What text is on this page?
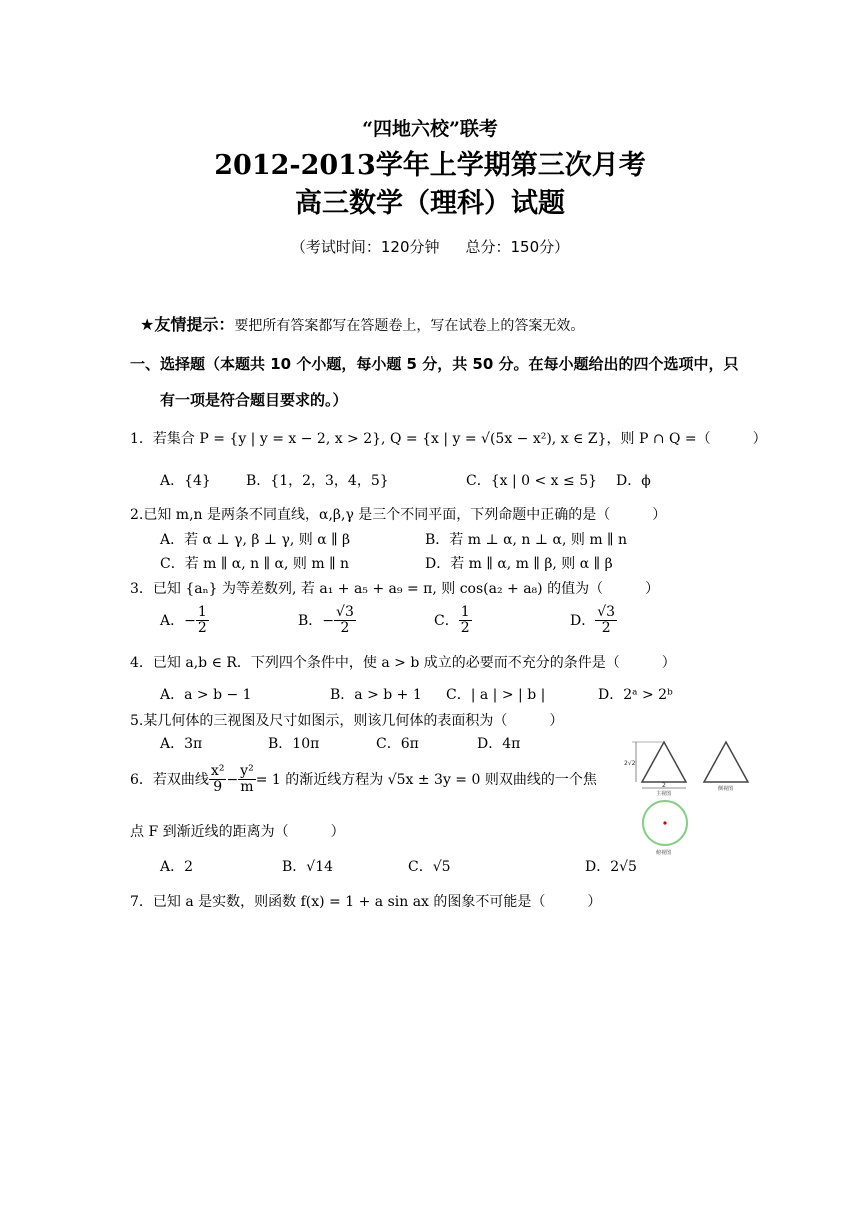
“四地六校”联考
2012-2013学年上学期第三次月考
高三数学（理科）试题
（考试时间：120分钟 总分：150分）
★友情提示：要把所有答案都写在答题卷上，写在试卷上的答案无效。
一、选择题（本题共 10 个小题，每小题 5 分，共 50 分。在每小题给出的四个选项中，只
有一项是符合题目要求的。）
1．若集合 P = {y | y = x − 2, x > 2}, Q = {x | y = √(5x − x²), x ∈ Z}，则 P ∩ Q =（　　　）
A．{4}	B．{1，2，3，4，5}	C．{x | 0 < x ≤ 5} D．ϕ
2.已知 m,n 是两条不同直线，α,β,γ 是三个不同平面，下列命题中正确的是（　　　）
A．若 α ⊥ γ, β ⊥ γ, 则 α ∥ β	B．若 m ⊥ α, n ⊥ α, 则 m ∥ n
C．若 m ∥ α, n ∥ α, 则 m ∥ n	D．若 m ∥ α, m ∥ β, 则 α ∥ β
3．已知 {aₙ} 为等差数列, 若 a₁ + a₅ + a₉ = π, 则 cos(a₂ + a₈) 的值为（　　　）
A．− $\frac{1}{2}$	B．− $\frac{√3}{2}$	C． $\frac{1}{2}$	D． $\frac{√3}{2}$
4．已知 a,b ∈ R．下列四个条件中，使 a > b 成立的必要而不充分的条件是（　　　）
A．a > b − 1	B．a > b + 1 C．| a | > | b |	D．2ᵃ > 2ᵇ
5.某几何体的三视图及尺寸如图示，则该几何体的表面积为（　　　）
A．3π	B．10π	C．6π	D．4π
6．若双曲线 $\frac{\text{x²}}{9} - \frac{\text{y²}}{m} = 1$ 的渐近线方程为 √5x ± 3y = 0 则双曲线的一个焦
点 F 到渐近线的距离为（　　　）
A．2	B．√14	C．√5	D．2√5
7．已知 a 是实数，则函数 f(x) = 1 + a sin ax 的图象不可能是（　　　）
2√2
2
主视图
侧视图
俯视图
